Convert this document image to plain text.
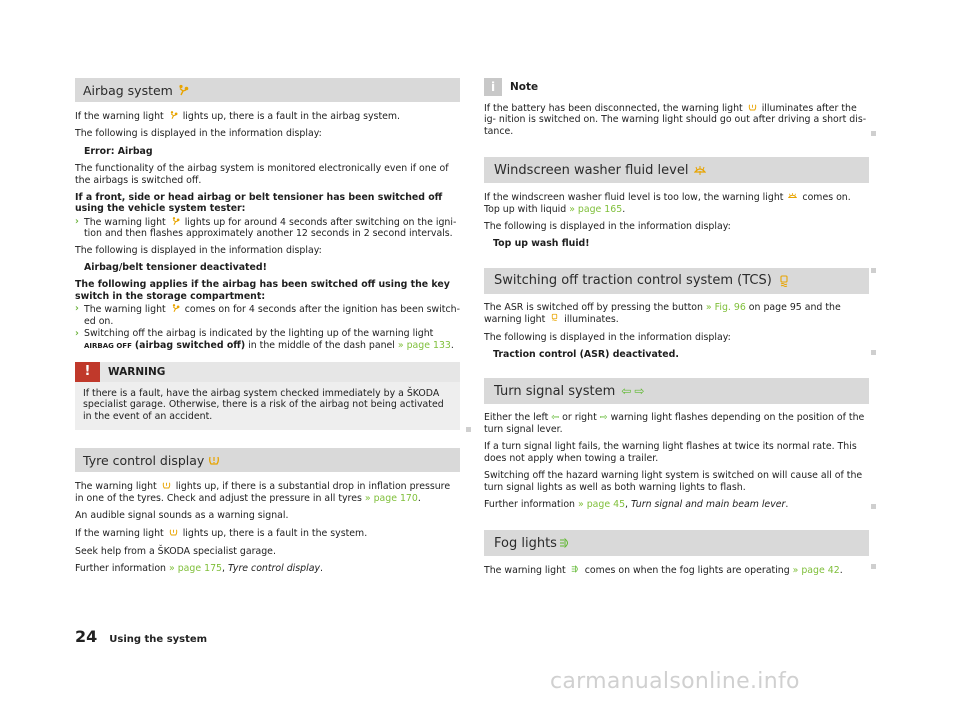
Airbag system

If the warning light lights up, there is a fault in the airbag system.

The following is displayed in the information display:

Error: Airbag

The functionality of the airbag system is monitored electronically even if one of the airbags is switched off.

If a front, side or head airbag or belt tensioner has been switched off using the vehicle system tester:

› The warning light lights up for around 4 seconds after switching on the igni- tion and then flashes approximately another 12 seconds in 2 second intervals.

The following is displayed in the information display:

Airbag/belt tensioner deactivated!

The following applies if the airbag has been switched off using the key switch in the storage compartment:

› The warning light comes on for 4 seconds after the ignition has been switch- ed on.

› Switching off the airbag is indicated by the lighting up of the warning light AIRBAG OFF (airbag switched off) in the middle of the dash panel » page 133.

!	WARNING

If there is a fault, have the airbag system checked immediately by a ŠKODA specialist garage. Otherwise, there is a risk of the airbag not being activated in the event of an accident.

Tyre control display

The warning light lights up, if there is a substantial drop in inflation pressure in one of the tyres. Check and adjust the pressure in all tyres » page 170.

An audible signal sounds as a warning signal.

If the warning light lights up, there is a fault in the system.

Seek help from a ŠKODA specialist garage.

Further information » page 175, Tyre control display.

i	Note

If the battery has been disconnected, the warning light illuminates after the ig- nition is switched on. The warning light should go out after driving a short dis- tance.

Windscreen washer fluid level

If the windscreen washer fluid level is too low, the warning light comes on. Top up with liquid » page 165.

The following is displayed in the information display:

Top up wash fluid!

Switching off traction control system (TCS)

The ASR is switched off by pressing the button » Fig. 96 on page 95 and the warning light illuminates.

The following is displayed in the information display:

Traction control (ASR) deactivated.

Turn signal system ⇦ ⇨

Either the left ⇦ or right ⇨ warning light flashes depending on the position of the turn signal lever.

If a turn signal light fails, the warning light flashes at twice its normal rate. This does not apply when towing a trailer.

Switching off the hazard warning light system is switched on will cause all of the turn signal lights as well as both warning lights to flash.

Further information » page 45, Turn signal and main beam lever.

Fog lights

The warning light comes on when the fog lights are operating » page 42.

24 Using the system
carmanualsonline.info
